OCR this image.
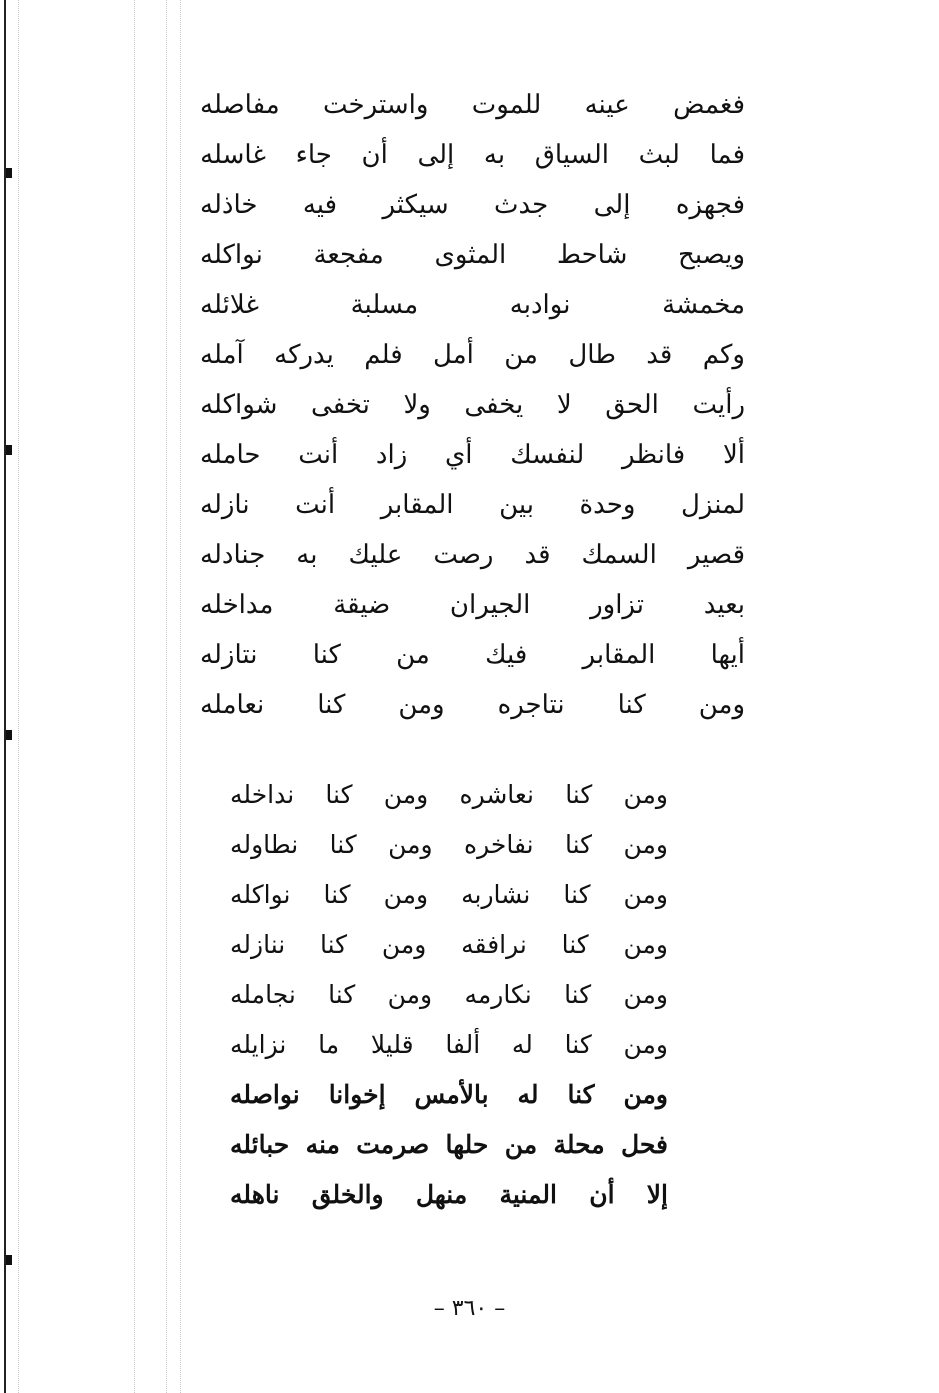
فغمض
عينه
للموت
واسترخت
مفاصله
فما
لبث
السياق
به
إلى
أن
جاء
غاسله
فجهزه
إلى
جدث
سيكثر
فيه
خاذله
ويصبح
شاحط
المثوى
مفجعة
نواكله
مخمشة
نوادبه
مسلبة
غلائله
وكم
قد
طال
من
أمل
فلم
يدركه
آمله
رأيت
الحق
لا
يخفى
ولا
تخفى
شواكله
ألا
فانظر
لنفسك
أي
زاد
أنت
حامله
لمنزل
وحدة
بين
المقابر
أنت
نازله
قصير
السمك
قد
رصت
عليك
به
جنادله
بعيد
تزاور
الجيران
ضيقة
مداخله
أيها
المقابر
فيك
من
كنا
نتازله
ومن
كنا
نتاجره
ومن
كنا
نعامله
ومن
كنا
نعاشره
ومن
كنا
نداخله
ومن
كنا
نفاخره
ومن
كنا
نطاوله
ومن
كنا
نشاربه
ومن
كنا
نواكله
ومن
كنا
نرافقه
ومن
كنا
ننازله
ومن
كنا
نكارمه
ومن
كنا
نجامله
ومن
كنا
له
ألفا
قليلا
ما
نزايله
ومن
كنا
له
بالأمس
إخوانا
نواصله
فحل
محلة
من
حلها
صرمت
منه
حبائله
إلا
أن
المنية
منهل
والخلق
ناهله
– ٣٦٠ –
